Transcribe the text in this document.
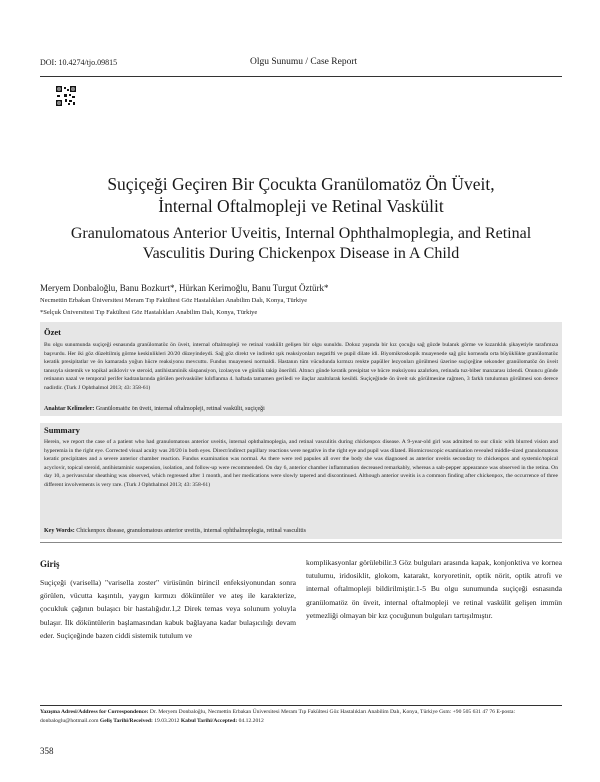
DOI: 10.4274/tjo.09815	Olgu Sunumu / Case Report
Suçiçeği Geçiren Bir Çocukta Granülomatöz Ön Üveit,
İnternal Oftalmopleji ve Retinal Vaskülit
Granulomatous Anterior Uveitis, Internal Ophthalmoplegia, and Retinal
Vasculitis During Chickenpox Disease in A Child
Meryem Donbaloğlu, Banu Bozkurt*, Hürkan Kerimoğlu, Banu Turgut Öztürk*
Necmettin Erbakan Üniversitesi Meram Tıp Fakültesi Göz Hastalıkları Anabilim Dalı, Konya, Türkiye
*Selçuk Üniversitesi Tıp Fakültesi Göz Hastalıkları Anabilim Dalı, Konya, Türkiye
Özet
Bu olgu sunumunda suçiçeği esnasında granülomatöz ön üveit, internal oftalmopleji ve retinal vaskülit gelişen bir olgu sunuldu. Dokuz yaşında bir kız çocuğu sağ gözde bulanık görme ve kızarıklık şikayetiyle tarafımıza başvurdu. Her iki göz düzeltilmiş görme keskinlikleri 20/20 düzeyindeydi. Sağ göz direkt ve indirekt ışık reaksiyonları negatifti ve pupil dilate idi. Biyomikroskopik muayenede sağ göz korneada orta büyüklükte granülomatöz keratik presipitatlar ve ön kamarada yoğun hücre reaksiyonu mevcuttu. Fundus muayenesi normaldi. Hastanın tüm vücudunda kırmızı renkte papüller lezyonları görülmesi üzerine suçiçeğine sekonder granülomatöz ön üveit tanısıyla sistemik ve topikal asiklovir ve steroid, antihistaminik süspansiyon, izolasyon ve günlük takip önerildi. Altıncı günde keratik presipitat ve hücre reaksiyonu azalırken, retinada tuz-biber manzarası izlendi. Onuncu günde retinanın nazal ve temporal perifer kadranlarında görülen perivasküler kılıflanma 4. haftada tamamen geriledi ve ilaçlar azaltılarak kesildi. Suçiçeğinde ön üveit sık görülmesine rağmen, 3 farklı tutulumun görülmesi son derece nadirdir. (Turk J Ophthalmol 2013; 43: 358-61)
Anahtar Kelimeler: Granülomatöz ön üveit, internal oftalmopleji, retinal vaskülit, suçiçeği
Summary
Herein, we report the case of a patient who had granulomatous anterior uveitis, internal ophthalmoplegia, and retinal vasculitis during chickenpox disease. A 9-year-old girl was admitted to our clinic with blurred vision and hyperemia in the right eye. Corrected visual acuity was 20/20 in both eyes. Direct/indirect pupillary reactions were negative in the right eye and pupil was dilated. Biomicroscopic examination revealed middle-sized granulomatous keratic precipitates and a severe anterior chamber reaction. Fundus examination was normal. As there were red papules all over the body she was diagnosed as anterior uveitis secondary to chickenpox and systemic/topical acyclovir, topical steroid, antihistaminic suspension, isolation, and follow-up were recommended. On day 6, anterior chamber inflammation decreased remarkably, whereas a salt-pepper appearance was observed in the retina. On day 10, a perivascular sheathing was observed, which regressed after 1 month, and her medications were slowly tapered and discontinued. Although anterior uveitis is a common finding after chickenpox, the occurrence of three different involvements is very rare. (Turk J Ophthalmol 2013; 43: 358-61)
Key Words: Chickenpox disease, granulomatous anterior uveitis, internal ophthalmoplegia, retinal vasculitis
Giriş
Suçiçeği (varisella) "varisella zoster" virüsünün birincil enfeksiyonundan sonra görülen, vücutta kaşıntılı, yaygın kırmızı döküntüler ve ateş ile karakterize, çocukluk çağının bulaşıcı bir hastalığıdır.1,2 Direk temas veya solunum yoluyla bulaşır. İlk döküntülerin başlamasından kabuk bağlayana kadar bulaşıcılığı devam eder. Suçiçeğinde bazen ciddi sistemik tutulum ve
komplikasyonlar görülebilir.3 Göz bulguları arasında kapak, konjonktiva ve kornea tutulumu, iridosiklit, glokom, katarakt, koryoretinit, optik nörit, optik atrofi ve internal oftalmopleji bildirilmiştir.1-5 Bu olgu sunumunda suçiçeği esnasında granülomatöz ön üveit, internal oftalmopleji ve retinal vaskülit gelişen immün yetmezliği olmayan bir kız çocuğunun bulguları tartışılmıştır.
Yazışma Adresi/Address for Correspondence: Dr. Meryem Donbaloğlu, Necmettin Erbakan Üniversitesi Meram Tıp Fakültesi Göz Hastalıkları Anabilim Dalı, Konya, Türkiye Gsm: +90 505 631 47 76 E-posta: donbaloglu@hotmail.com Geliş Tarihi/Received: 19.03.2012 Kabul Tarihi/Accepted: 04.12.2012
358
